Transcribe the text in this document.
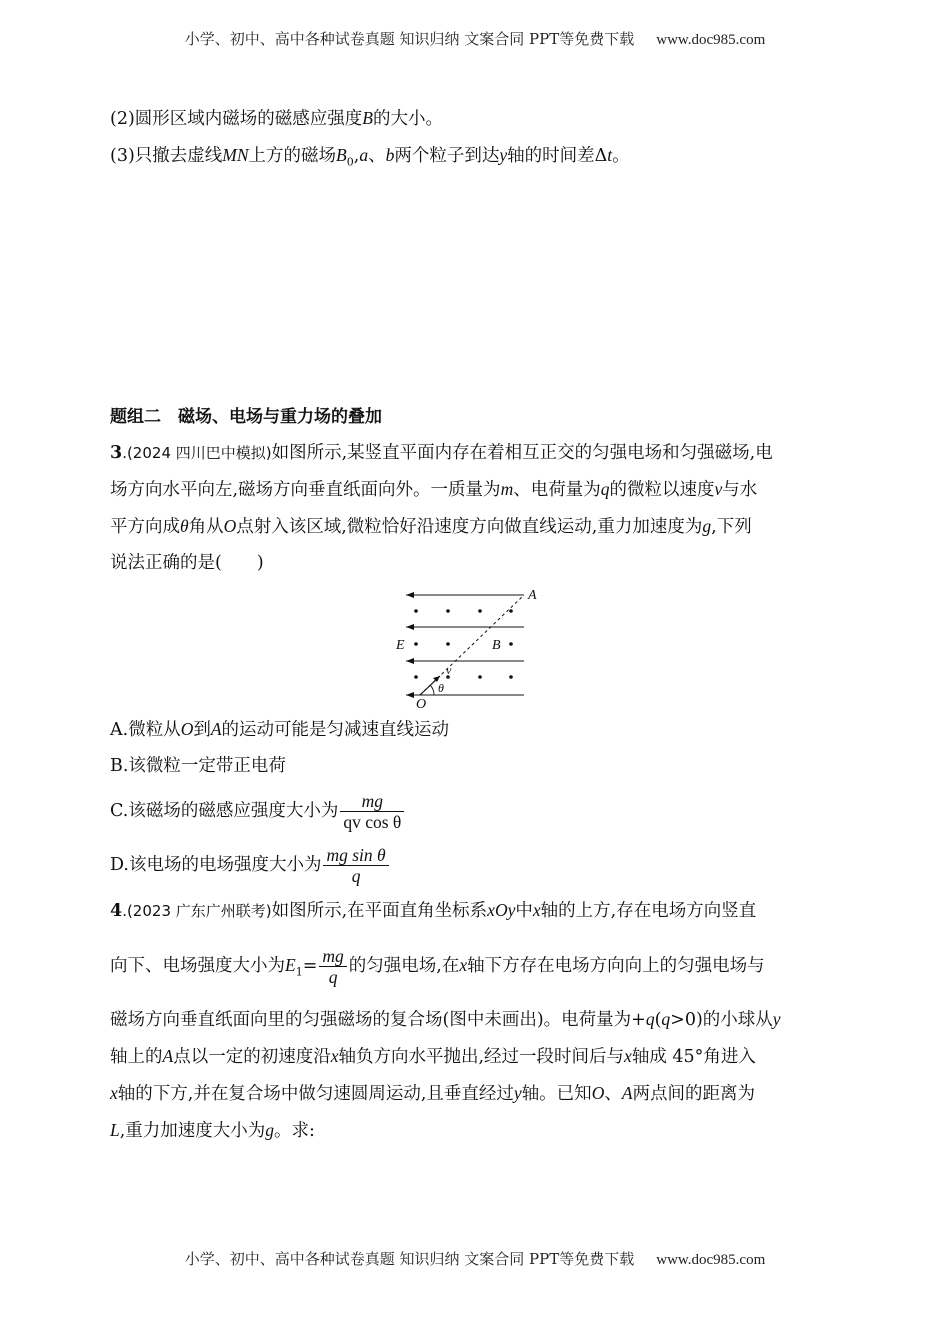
小学、初中、高中各种试卷真题 知识归纳 文案合同 PPT等免费下载 www.doc985.com

(2)圆形区域内磁场的磁感应强度B的大小。

(3)只撤去虚线MN上方的磁场$B_0,a$、b两个粒子到达y轴的时间差Δt。

题组二　磁场、电场与重力场的叠加

3.(2024 四川巴中模拟)如图所示,某竖直平面内存在着相互正交的匀强电场和匀强磁场,电

场方向水平向左,磁场方向垂直纸面向外。一质量为m、电荷量为q的微粒以速度v与水

平方向成θ角从O点射入该区域,微粒恰好沿速度方向做直线运动,重力加速度为g,下列

说法正确的是(　　)

A
E	B
v
θ
O

A.微粒从O到A的运动可能是匀减速直线运动

B.该微粒一定带正电荷

C.该磁场的磁感应强度大小为 $\frac{mg}{\text{qv cos θ}}$

D.该电场的电场强度大小为 $\frac{\text{mg sin θ}}{q}$

4.(2023 广东广州联考)如图所示,在平面直角坐标系xOy中x轴的上方,存在电场方向竖直

向下、电场强度大小为$E_1= \frac{mg}{q}$ 的匀强电场,在x轴下方存在电场方向向上的匀强电场与

磁场方向垂直纸面向里的匀强磁场的复合场(图中未画出)。电荷量为+q(q>0)的小球从y

轴上的A点以一定的初速度沿x轴负方向水平抛出,经过一段时间后与x轴成 45°角进入

x轴的下方,并在复合场中做匀速圆周运动,且垂直经过y轴。已知O、A两点间的距离为

L,重力加速度大小为g。求:

小学、初中、高中各种试卷真题 知识归纳 文案合同 PPT等免费下载 www.doc985.com
